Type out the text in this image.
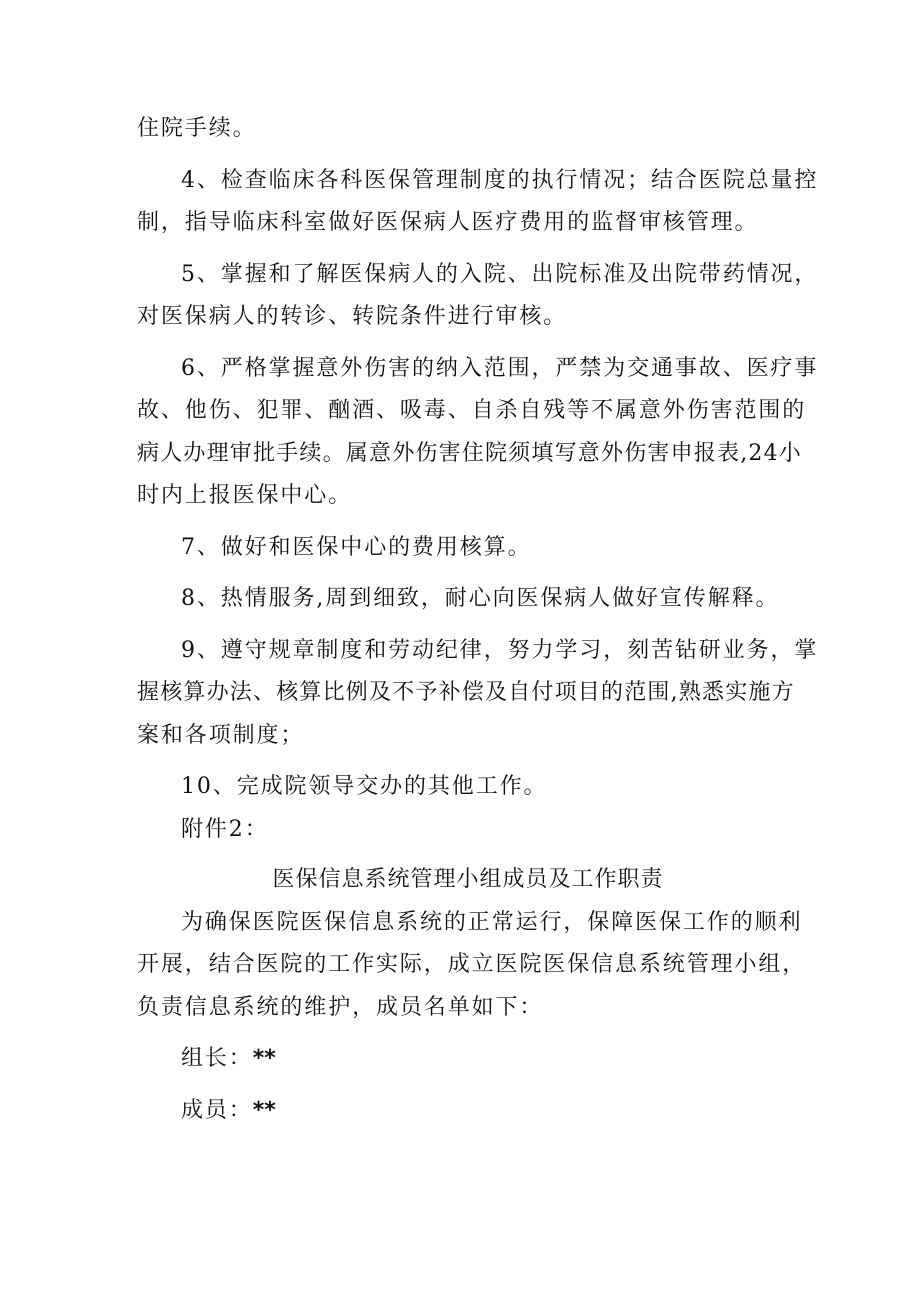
住院手续。
4、检查临床各科医保管理制度的执行情况；结合医院总量控
制，指导临床科室做好医保病人医疗费用的监督审核管理。
5、掌握和了解医保病人的入院、出院标准及出院带药情况，
对医保病人的转诊、转院条件进行审核。
6、严格掌握意外伤害的纳入范围，严禁为交通事故、医疗事
故、他伤、犯罪、酗酒、吸毒、自杀自残等不属意外伤害范围的
病人办理审批手续。属意外伤害住院须填写意外伤害申报表,24小
时内上报医保中心。
7、做好和医保中心的费用核算。
8、热情服务,周到细致，耐心向医保病人做好宣传解释。
9、遵守规章制度和劳动纪律，努力学习，刻苦钻研业务，掌
握核算办法、核算比例及不予补偿及自付项目的范围,熟悉实施方
案和各项制度；
10、完成院领导交办的其他工作。
附件2：
医保信息系统管理小组成员及工作职责
为确保医院医保信息系统的正常运行，保障医保工作的顺利
开展，结合医院的工作实际，成立医院医保信息系统管理小组，
负责信息系统的维护，成员名单如下：
组长：**
成员：**
